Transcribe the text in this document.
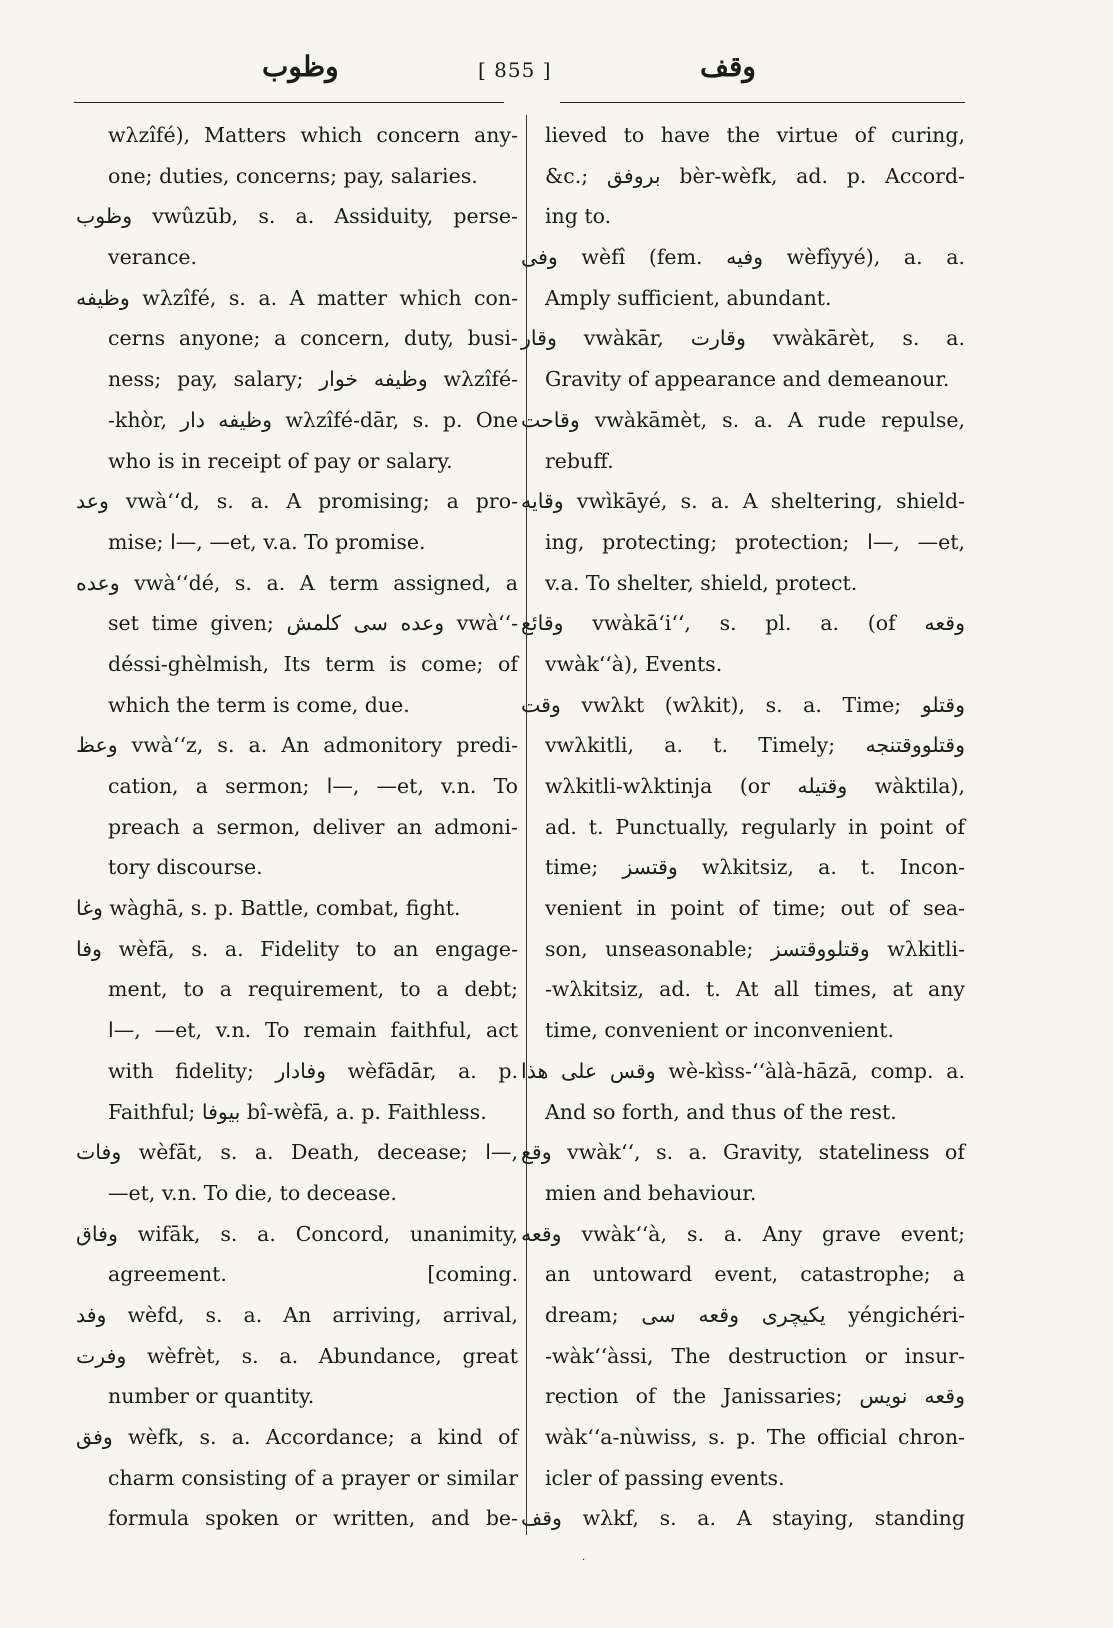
وظوب	[ 855 ]	وقف
wλzîfé), Matters which concern any-
one; duties, concerns; pay, salaries.
وظوب vwûzūb, s. a. Assiduity, perse-
verance.
وظيفه wλzîfé, s. a. A matter which con-
cerns anyone; a concern, duty, busi-
ness; pay, salary; وظيفه خوار wλzîfé-
-khòr, وظيفه دار wλzîfé-dār, s. p. One
who is in receipt of pay or salary.
وعد vwà‘‘d, s. a. A promising; a pro-
mise; ا—, —et, v.a. To promise.
وعده vwà‘‘dé, s. a. A term assigned, a
set time given; وعده سى كلمش vwà‘‘-
déssi-ghèlmish, Its term is come; of
which the term is come, due.
وعظ vwà‘‘z, s. a. An admonitory predi-
cation, a sermon; ا—, —et, v.n. To
preach a sermon, deliver an admoni-
tory discourse.
وغا wàghā, s. p. Battle, combat, fight.
وفا wèfā, s. a. Fidelity to an engage-
ment, to a requirement, to a debt;
ا—, —et, v.n. To remain faithful, act
with fidelity; وفادار wèfādār, a. p.
Faithful; بيوفا bî-wèfā, a. p. Faithless.
وفات wèfāt, s. a. Death, decease; ا—,
—et, v.n. To die, to decease.
وفاق wifāk, s. a. Concord, unanimity,
agreement. [coming.
وفد wèfd, s. a. An arriving, arrival,
وفرت wèfrèt, s. a. Abundance, great
number or quantity.
وفق wèfk, s. a. Accordance; a kind of
charm consisting of a prayer or similar
formula spoken or written, and be-
lieved to have the virtue of curing,
&c.; بروفق bèr-wèfk, ad. p. Accord-
ing to.
وفى wèfî (fem. وفيه wèfîyyé), a. a.
Amply sufficient, abundant.
وقار vwàkār, وقارت vwàkārèt, s. a.
Gravity of appearance and demeanour.
وقاحت vwàkāmèt, s. a. A rude repulse,
rebuff.
وقايه vwìkāyé, s. a. A sheltering, shield-
ing, protecting; protection; ا—, —et,
v.a. To shelter, shield, protect.
وقائع vwàkā‘i‘‘, s. pl. a. (of وقعه
vwàk‘‘à), Events.
وقت vwλkt (wλkit), s. a. Time; وقتلو
vwλkitli, a. t. Timely; وقتلووقتنجه
wλkitli-wλktinja (or وقتيله wàktila),
ad. t. Punctually, regularly in point of
time; وقتسز wλkitsiz, a. t. Incon-
venient in point of time; out of sea-
son, unseasonable; وقتلووقتسز wλkitli-
-wλkitsiz, ad. t. At all times, at any
time, convenient or inconvenient.
وقس على هذا wè-kìss-‘‘àlà-hāzā, comp. a.
And so forth, and thus of the rest.
وقع vwàk‘‘, s. a. Gravity, stateliness of
mien and behaviour.
وقعه vwàk‘‘à, s. a. Any grave event;
an untoward event, catastrophe; a
dream; يكيچرى وقعه سى yéngichéri-
-wàk‘‘àssi, The destruction or insur-
rection of the Janissaries; وقعه نويس
wàk‘‘a-nùwiss, s. p. The official chron-
icler of passing events.
وقف wλkf, s. a. A staying, standing
·
